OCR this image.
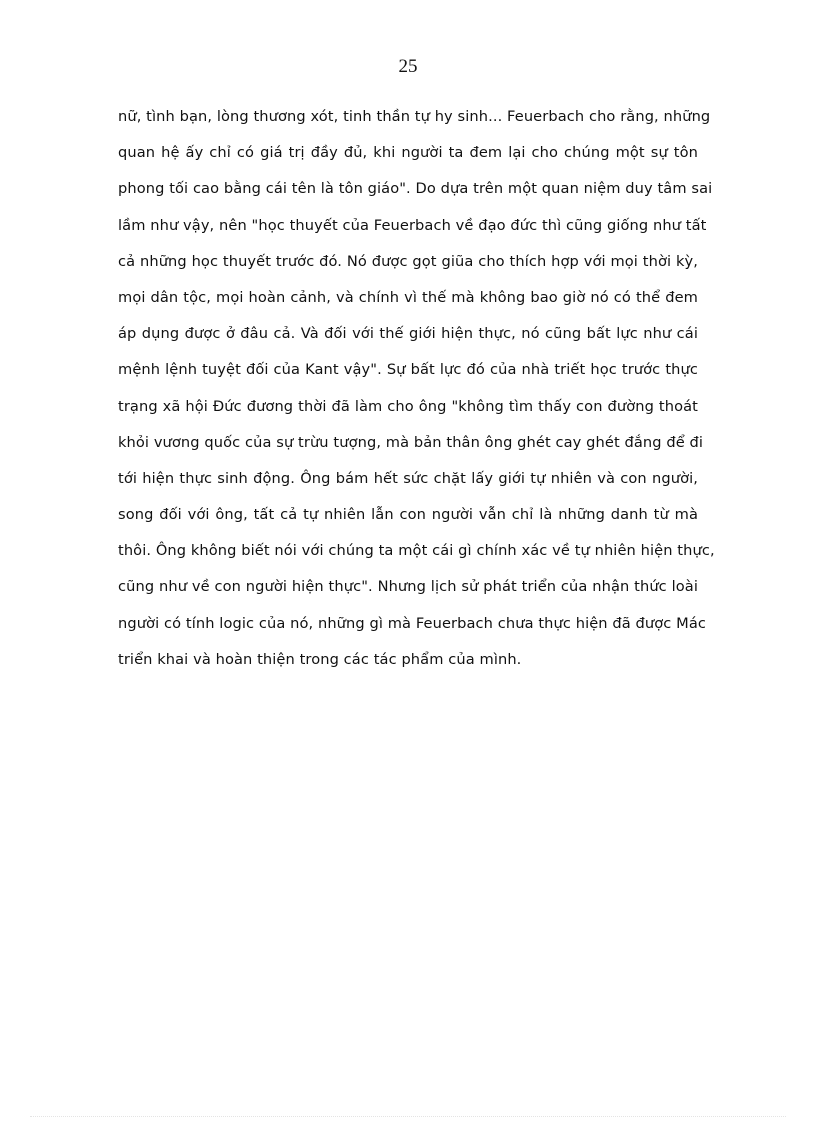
25
nữ, tình bạn, lòng thương xót, tinh thần tự hy sinh... Feuerbach cho rằng, những
quan hệ ấy chỉ có giá trị đầy đủ, khi người ta đem lại cho chúng một sự tôn
phong tối cao bằng cái tên là tôn giáo". Do dựa trên một quan niệm duy tâm sai
lầm như vậy, nên "học thuyết của Feuerbach về đạo đức thì cũng giống như tất
cả những học thuyết trước đó. Nó được gọt giũa cho thích hợp với mọi thời kỳ,
mọi dân tộc, mọi hoàn cảnh, và chính vì thế mà không bao giờ nó có thể đem
áp dụng được ở đâu cả. Và đối với thế giới hiện thực, nó cũng bất lực như cái
mệnh lệnh tuyệt đối của Kant vậy". Sự bất lực đó của nhà triết học trước thực
trạng xã hội Đức đương thời đã làm cho ông "không tìm thấy con đường thoát
khỏi vương quốc của sự trừu tượng, mà bản thân ông ghét cay ghét đắng để đi
tới hiện thực sinh động. Ông bám hết sức chặt lấy giới tự nhiên và con người,
song đối với ông, tất cả tự nhiên lẫn con người vẫn chỉ là những danh từ mà
thôi. Ông không biết nói với chúng ta một cái gì chính xác về tự nhiên hiện thực,
cũng như về con người hiện thực". Nhưng lịch sử phát triển của nhận thức loài
người có tính logic của nó, những gì mà Feuerbach chưa thực hiện đã được Mác
triển khai và hoàn thiện trong các tác phẩm của mình.
